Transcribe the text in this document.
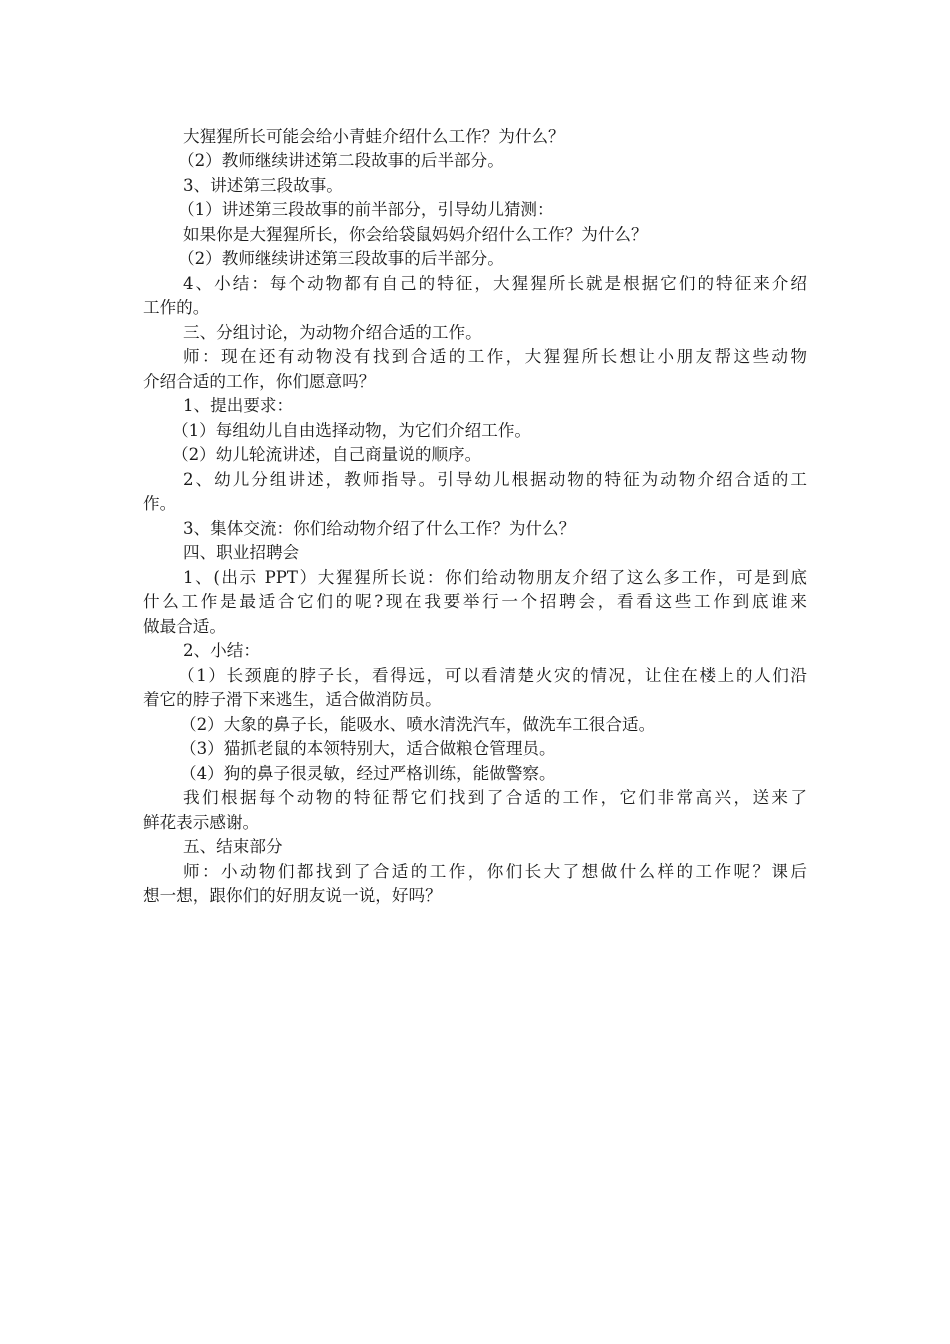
大猩猩所长可能会给小青蛙介绍什么工作？为什么？
（2）教师继续讲述第二段故事的后半部分。
3、讲述第三段故事。
（1）讲述第三段故事的前半部分，引导幼儿猜测：
如果你是大猩猩所长，你会给袋鼠妈妈介绍什么工作？为什么？
（2）教师继续讲述第三段故事的后半部分。
4、小结：每个动物都有自己的特征，大猩猩所长就是根据它们的特征来介绍
工作的。
三、分组讨论，为动物介绍合适的工作。
师：现在还有动物没有找到合适的工作，大猩猩所长想让小朋友帮这些动物
介绍合适的工作，你们愿意吗？
1、提出要求：
（1）每组幼儿自由选择动物，为它们介绍工作。
（2）幼儿轮流讲述，自己商量说的顺序。
2、幼儿分组讲述，教师指导。引导幼儿根据动物的特征为动物介绍合适的工
作。
3、集体交流：你们给动物介绍了什么工作？为什么？
四、职业招聘会
1、(出示 PPT）大猩猩所长说：你们给动物朋友介绍了这么多工作，可是到底
什么工作是最适合它们的呢?现在我要举行一个招聘会，看看这些工作到底谁来
做最合适。
2、小结：
（1）长颈鹿的脖子长，看得远，可以看清楚火灾的情况，让住在楼上的人们沿
着它的脖子滑下来逃生，适合做消防员。
（2）大象的鼻子长，能吸水、喷水清洗汽车，做洗车工很合适。
（3）猫抓老鼠的本领特别大，适合做粮仓管理员。
（4）狗的鼻子很灵敏，经过严格训练，能做警察。
我们根据每个动物的特征帮它们找到了合适的工作，它们非常高兴，送来了
鲜花表示感谢。
五、结束部分
师：小动物们都找到了合适的工作，你们长大了想做什么样的工作呢？课后
想一想，跟你们的好朋友说一说，好吗？
